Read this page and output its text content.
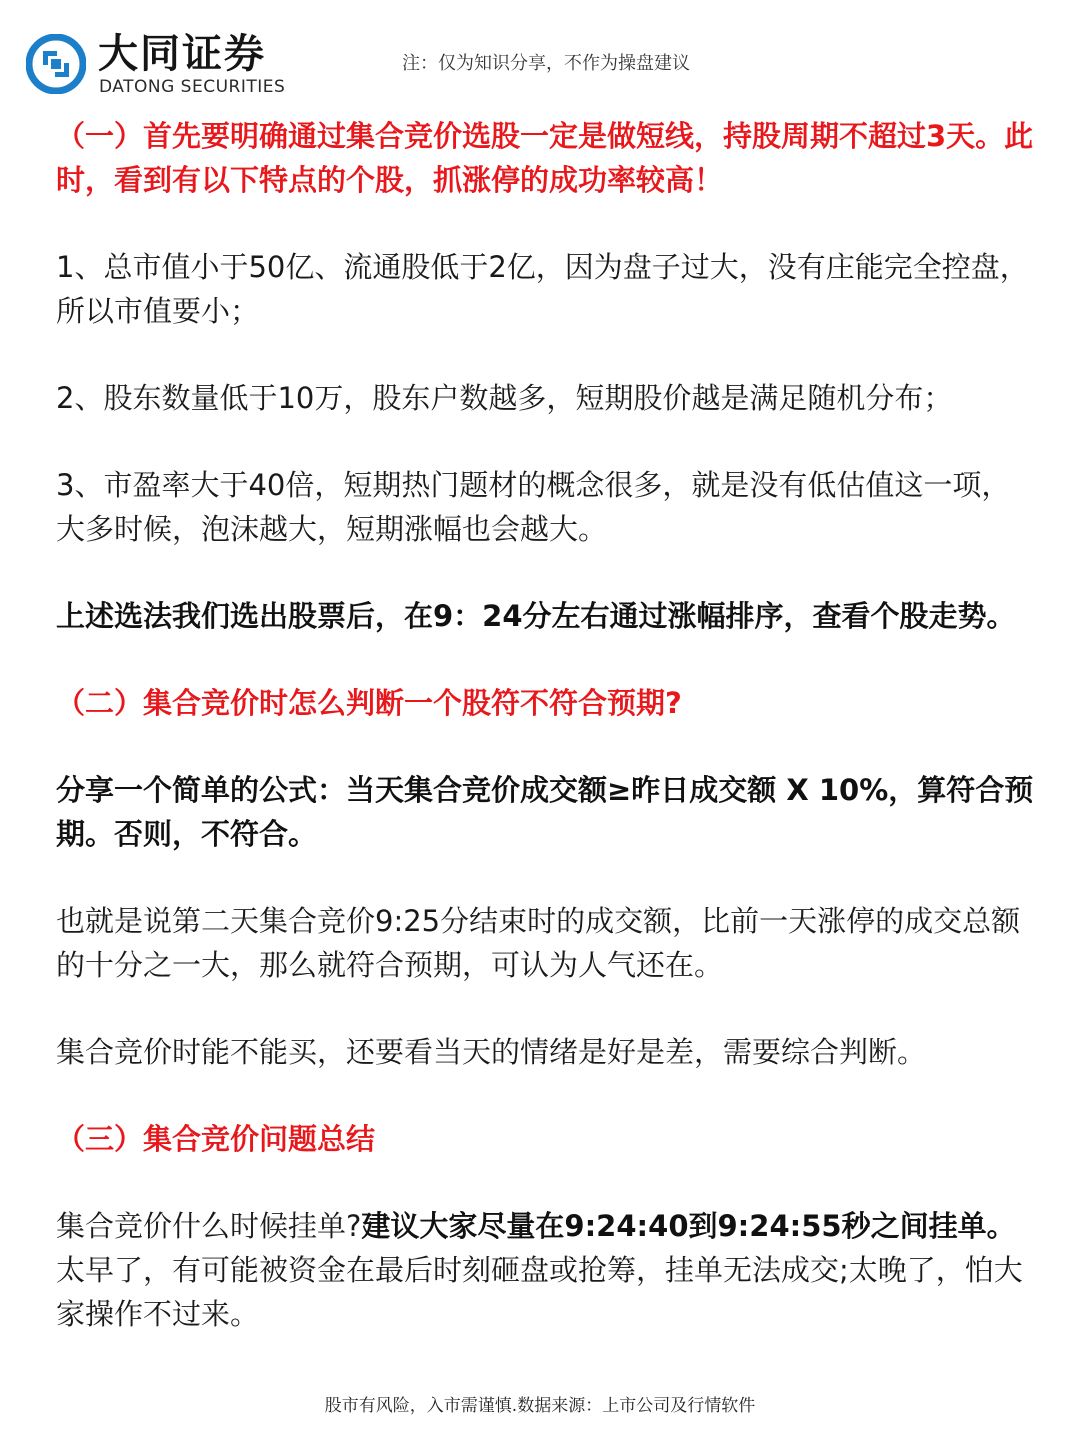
大同证券
DATONG SECURITIES
注：仅为知识分享，不作为操盘建议

（一）首先要明确通过集合竞价选股一定是做短线，持股周期不超过3天。此时，看到有以下特点的个股，抓涨停的成功率较高！

1、总市值小于50亿、流通股低于2亿，因为盘子过大，没有庄能完全控盘，所以市值要小；

2、股东数量低于10万，股东户数越多，短期股价越是满足随机分布；

3、市盈率大于40倍，短期热门题材的概念很多，就是没有低估值这一项，大多时候，泡沫越大，短期涨幅也会越大。

上述选法我们选出股票后，在9：24分左右通过涨幅排序，查看个股走势。

（二）集合竞价时怎么判断一个股符不符合预期?

分享一个简单的公式：当天集合竞价成交额≥昨日成交额 X 10%，算符合预期。否则，不符合。

也就是说第二天集合竞价9:25分结束时的成交额，比前一天涨停的成交总额的十分之一大，那么就符合预期，可认为人气还在。

集合竞价时能不能买，还要看当天的情绪是好是差，需要综合判断。

（三）集合竞价问题总结

集合竞价什么时候挂单?建议大家尽量在9:24:40到9:24:55秒之间挂单。太早了，有可能被资金在最后时刻砸盘或抢筹，挂单无法成交;太晚了，怕大家操作不过来。

股市有风险，入市需谨慎.数据来源：上市公司及行情软件
